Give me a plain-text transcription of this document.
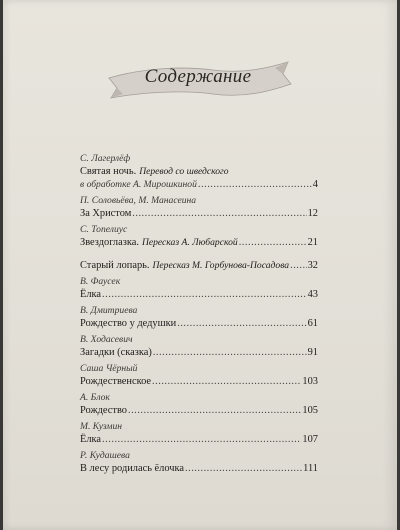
Содержание
С. Лагерлёф
Святая ночь. Перевод со шведского
в обработке А. Мирошкиной .....	4
П. Соловьёва, М. Манасеина
За Христом .....	12
С. Топелиус
Звездоглазка. Пересказ А. Любарской .....	21
Старый лопарь. Пересказ М. Горбунова-Посадова ..... 32
В. Фаусек
Ёлка .....	43
В. Дмитриева
Рождество у дедушки .....	61
В. Ходасевич
Загадки (сказка) .....	91
Саша Чёрный
Рождественское .....	103
А. Блок
Рождество .....	105
М. Кузмин
Ёлка .....	107
Р. Кудашева
В лесу родилась ёлочка .....	111
